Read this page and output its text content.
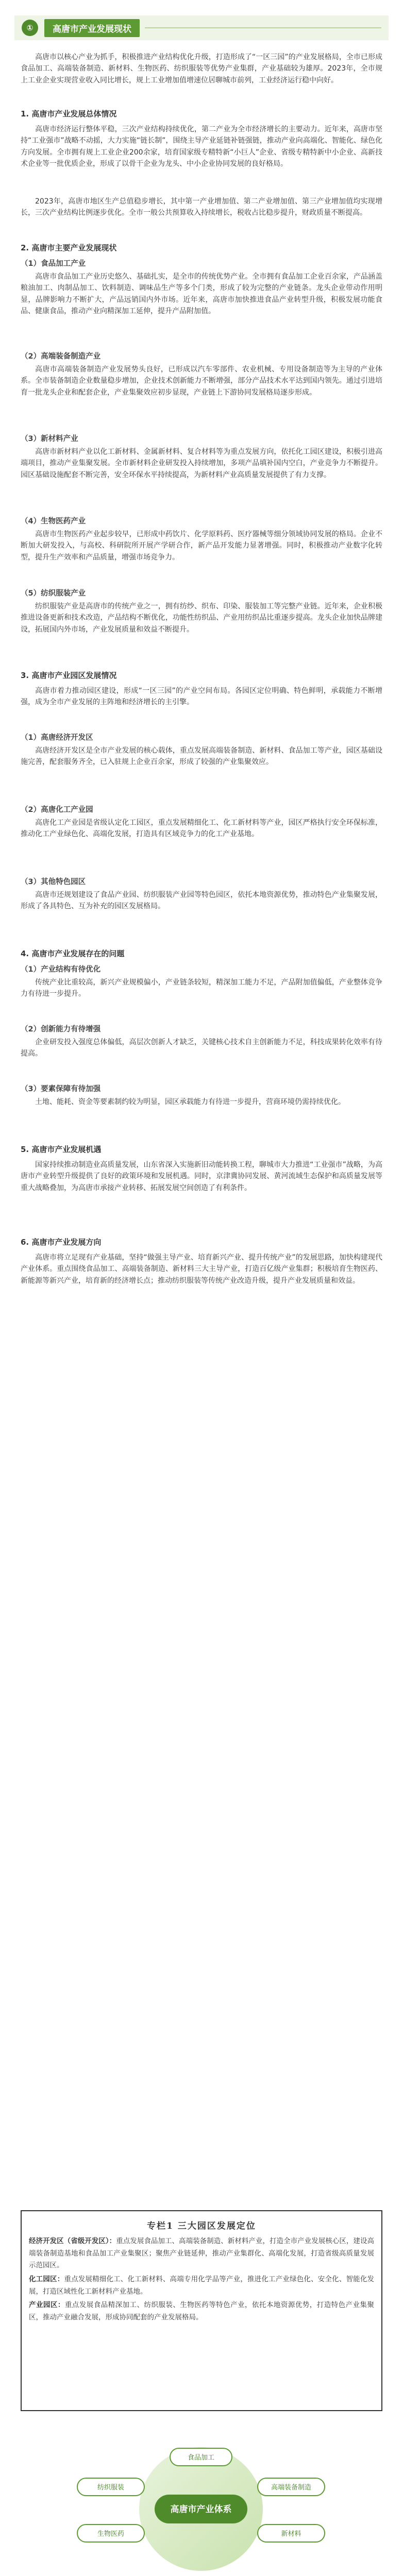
①	高唐市产业发展现状

高唐市以核心产业为抓手，积极推进产业结构优化升级，打造形成了“一区三园”的产业发展格局，全市已形成食品加工、高端装备制造、新材料、生物医药、纺织服装等优势产业集群，产业基础较为雄厚。2023年，全市规上工业企业实现营业收入同比增长，规上工业增加值增速位居聊城市前列，工业经济运行稳中向好。

1. 高唐市产业发展总体情况

高唐市经济运行整体平稳，三次产业结构持续优化，第二产业为全市经济增长的主要动力。近年来，高唐市坚持“工业强市”战略不动摇，大力实施“链长制”，围绕主导产业延链补链强链，推动产业向高端化、智能化、绿色化方向发展。全市拥有规上工业企业200余家，培育国家级专精特新“小巨人”企业、省级专精特新中小企业、高新技术企业等一批优质企业，形成了以骨干企业为龙头、中小企业协同发展的良好格局。

2023年，高唐市地区生产总值稳步增长，其中第一产业增加值、第二产业增加值、第三产业增加值均实现增长，三次产业结构比例逐步优化。全市一般公共预算收入持续增长，税收占比稳步提升，财政质量不断提高。

2. 高唐市主要产业发展现状
（1）食品加工产业

高唐市食品加工产业历史悠久、基础扎实，是全市的传统优势产业。全市拥有食品加工企业百余家，产品涵盖粮油加工、肉制品加工、饮料制造、调味品生产等多个门类，形成了较为完整的产业链条。龙头企业带动作用明显，品牌影响力不断扩大，产品远销国内外市场。近年来，高唐市加快推进食品产业转型升级，积极发展功能食品、健康食品，推动产业向精深加工延伸，提升产品附加值。

（2）高端装备制造产业

高唐市高端装备制造产业发展势头良好，已形成以汽车零部件、农业机械、专用设备制造等为主导的产业体系。全市装备制造企业数量稳步增加，企业技术创新能力不断增强，部分产品技术水平达到国内领先。通过引进培育一批龙头企业和配套企业，产业集聚效应初步显现，产业链上下游协同发展格局逐步形成。

（3）新材料产业

高唐市新材料产业以化工新材料、金属新材料、复合材料等为重点发展方向，依托化工园区建设，积极引进高端项目，推动产业集聚发展。全市新材料企业研发投入持续增加，多项产品填补国内空白，产业竞争力不断提升。园区基础设施配套不断完善，安全环保水平持续提高，为新材料产业高质量发展提供了有力支撑。

（4）生物医药产业

高唐市生物医药产业起步较早，已形成中药饮片、化学原料药、医疗器械等细分领域协同发展的格局。企业不断加大研发投入，与高校、科研院所开展产学研合作，新产品开发能力显著增强。同时，积极推动产业数字化转型，提升生产效率和产品质量，增强市场竞争力。

（5）纺织服装产业

纺织服装产业是高唐市的传统产业之一，拥有纺纱、织布、印染、服装加工等完整产业链。近年来，企业积极推进设备更新和技术改造，产品结构不断优化，功能性纺织品、产业用纺织品比重逐步提高。龙头企业加快品牌建设，拓展国内外市场，产业发展质量和效益不断提升。

3. 高唐市产业园区发展情况

高唐市着力推动园区建设，形成“一区三园”的产业空间布局。各园区定位明确、特色鲜明，承载能力不断增强，成为全市产业发展的主阵地和经济增长的主引擎。

（1）高唐经济开发区

高唐经济开发区是全市产业发展的核心载体，重点发展高端装备制造、新材料、食品加工等产业，园区基础设施完善，配套服务齐全，已入驻规上企业百余家，形成了较强的产业集聚效应。

（2）高唐化工产业园

高唐化工产业园是省级认定化工园区，重点发展精细化工、化工新材料等产业，园区严格执行安全环保标准，推动化工产业绿色化、高端化发展，打造具有区域竞争力的化工产业基地。

（3）其他特色园区

高唐市还规划建设了食品产业园、纺织服装产业园等特色园区，依托本地资源优势，推动特色产业集聚发展，形成了各具特色、互为补充的园区发展格局。

4. 高唐市产业发展存在的问题
（1）产业结构有待优化

传统产业比重较高，新兴产业规模偏小，产业链条较短，精深加工能力不足，产品附加值偏低，产业整体竞争力有待进一步提升。

（2）创新能力有待增强

企业研发投入强度总体偏低，高层次创新人才缺乏，关键核心技术自主创新能力不足，科技成果转化效率有待提高。

（3）要素保障有待加强

土地、能耗、资金等要素制约较为明显，园区承载能力有待进一步提升，营商环境仍需持续优化。

5. 高唐市产业发展机遇

国家持续推动制造业高质量发展，山东省深入实施新旧动能转换工程，聊城市大力推进“工业强市”战略，为高唐市产业转型升级提供了良好的政策环境和发展机遇。同时，京津冀协同发展、黄河流域生态保护和高质量发展等重大战略叠加，为高唐市承接产业转移、拓展发展空间创造了有利条件。

6. 高唐市产业发展方向

高唐市将立足现有产业基础，坚持“做强主导产业、培育新兴产业、提升传统产业”的发展思路，加快构建现代产业体系。重点围绕食品加工、高端装备制造、新材料三大主导产业，打造百亿级产业集群；积极培育生物医药、新能源等新兴产业，培育新的经济增长点；推动纺织服装等传统产业改造升级，提升产业发展质量和效益。

专栏1 三大园区发展定位
经济开发区（省级开发区）：重点发展食品加工、高端装备制造、新材料产业，打造全市产业发展核心区，建设高端装备制造基地和食品加工产业集聚区；聚焦产业链延伸，推动产业集群化、高端化发展，打造省级高质量发展示范园区。
化工园区：重点发展精细化工、化工新材料、高端专用化学品等产业，推进化工产业绿色化、安全化、智能化发展，打造区域性化工新材料产业基地。
产业园区：重点发展食品精深加工、纺织服装、生物医药等特色产业，依托本地资源优势，打造特色产业集聚区，推动产业融合发展，形成协同配套的产业发展格局。
高唐市产业体系
食品加工
高端装备制造
新材料
生物医药
纺织服装
